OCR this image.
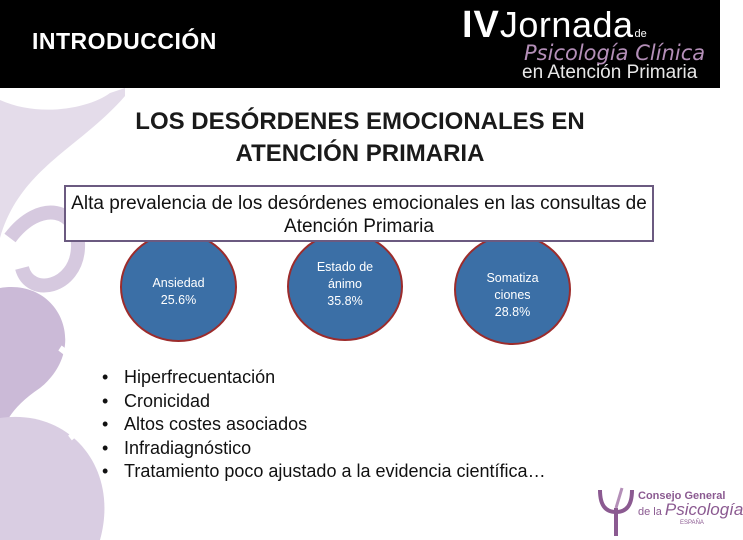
INTRODUCCIÓN	IVJornadade
Psicología Clínica
en Atención Primaria
LOS DESÓRDENES EMOCIONALES EN ATENCIÓN PRIMARIA
Ansiedad
25.6%
Estado de
ánimo
35.8%
Somatiza
ciones
28.8%
Alta prevalencia de los desórdenes emocionales en las consultas de Atención Primaria
• Hiperfrecuentación
• Cronicidad
• Altos costes asociados
• Infradiagnóstico
• Tratamiento poco ajustado a la evidencia científica…
Consejo General
de la Psicología
ESPAÑA
